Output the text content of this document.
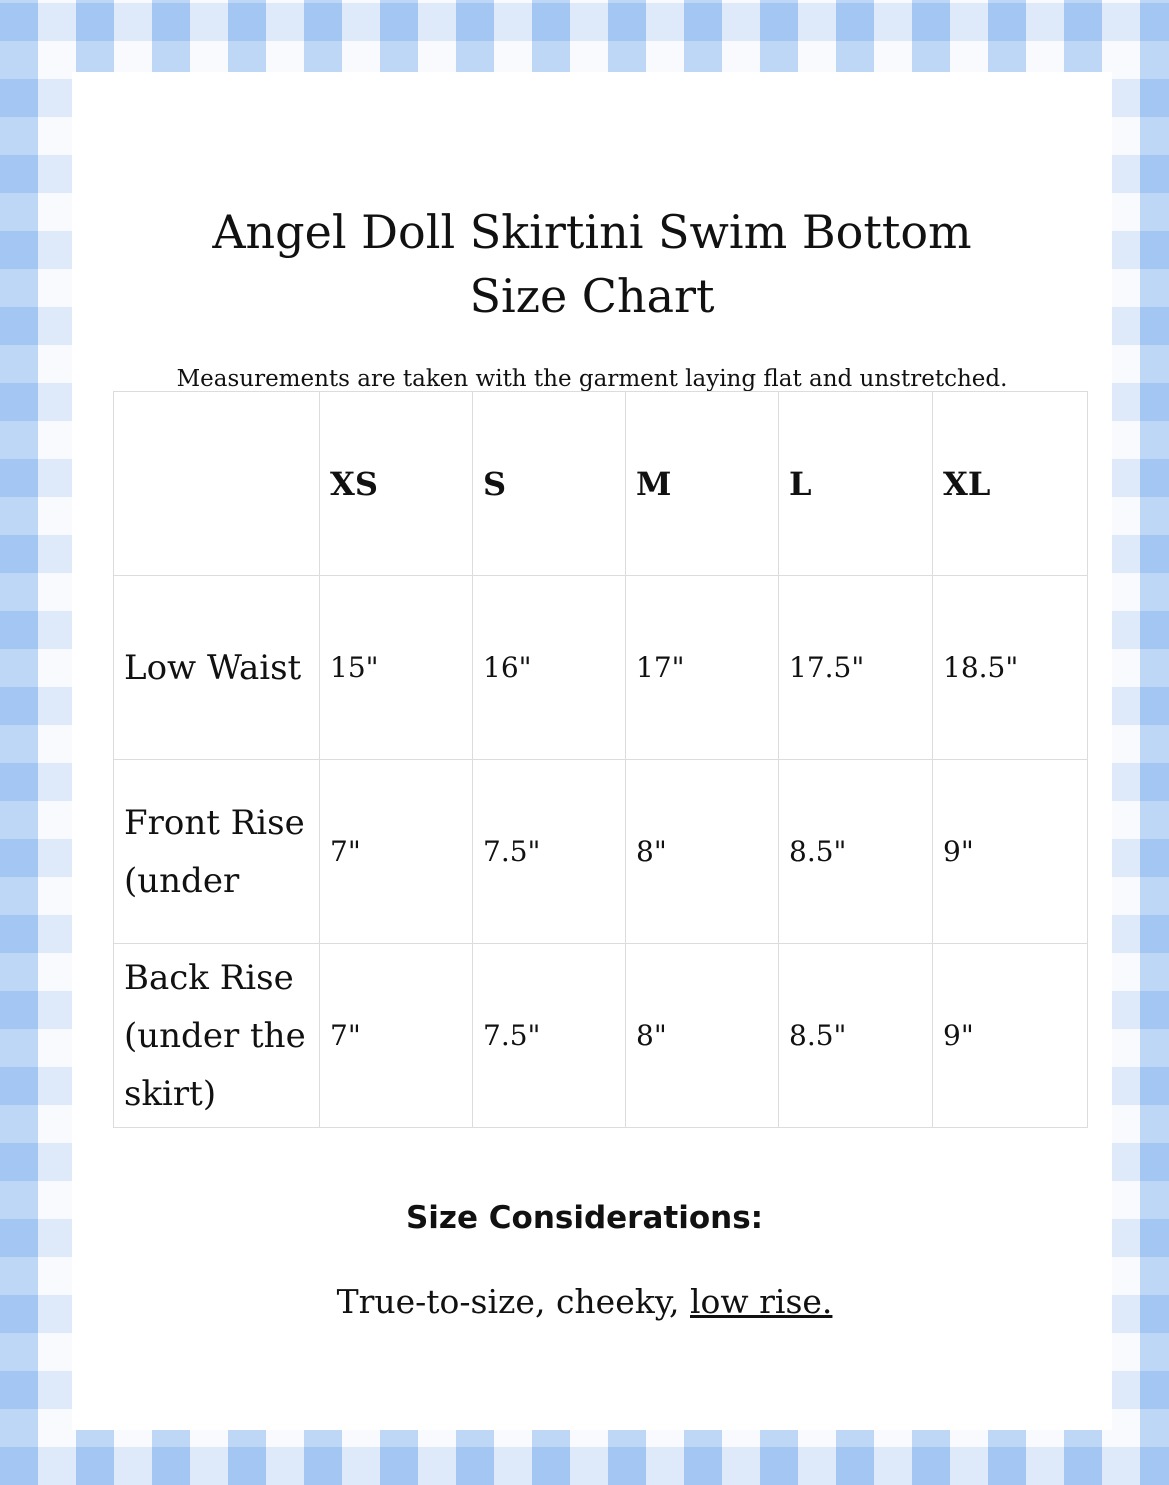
Angel Doll Skirtini Swim Bottom
Size Chart
Measurements are taken with the garment laying flat and unstretched.
	XS	S	M	L	XL
Low Waist	15"	16"	17"	17.5"	18.5"
Front Rise (under	7"	7.5"	8"	8.5"	9"
Back Rise (under the skirt)	7"	7.5"	8"	8.5"	9"
Size Considerations:
True-to-size, cheeky, low rise.
